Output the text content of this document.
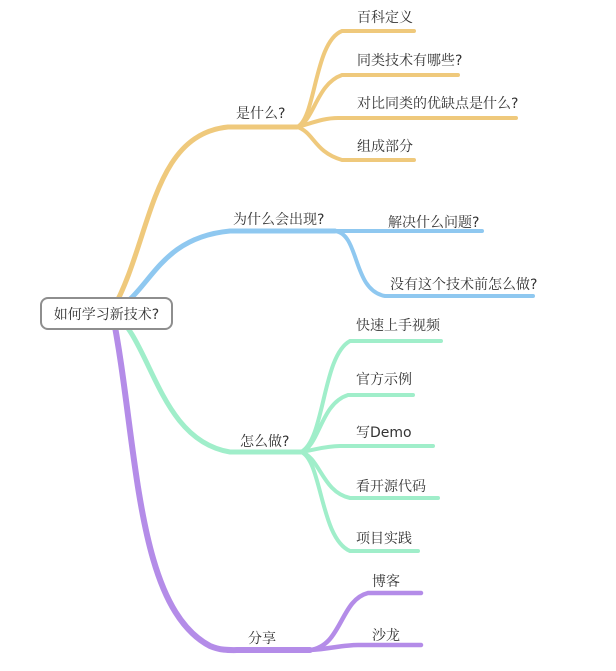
是什么?
百科定义
同类技术有哪些?
对比同类的优缺点是什么?
组成部分
为什么会出现?	解决什么问题?
没有这个技术前怎么做?
怎么做?
快速上手视频
官方示例
写Demo
看开源代码
项目实践
分享
博客
沙龙
如何学习新技术?
